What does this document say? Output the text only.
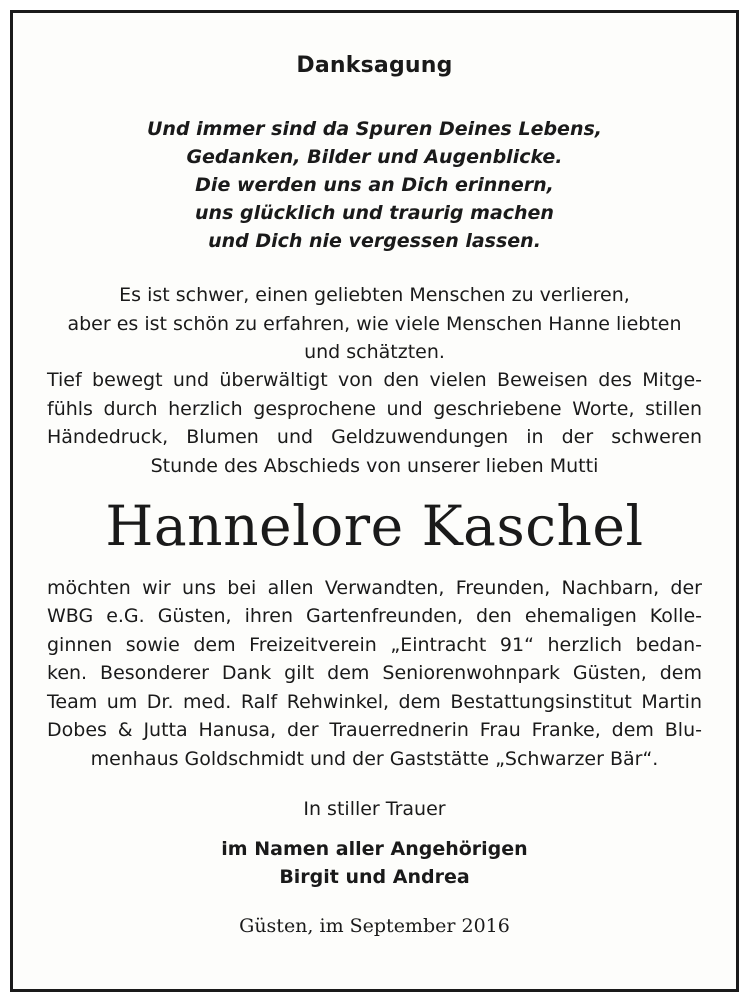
Danksagung
Und immer sind da Spuren Deines Lebens,
Gedanken, Bilder und Augenblicke.
Die werden uns an Dich erinnern,
uns glücklich und traurig machen
und Dich nie vergessen lassen.
Es ist schwer, einen geliebten Menschen zu verlieren,
aber es ist schön zu erfahren, wie viele Menschen Hanne liebten
und schätzten.
Tief bewegt und überwältigt von den vielen Beweisen des Mitge-
fühls durch herzlich gesprochene und geschriebene Worte, stillen
Händedruck, Blumen und Geldzuwendungen in der schweren
Stunde des Abschieds von unserer lieben Mutti
Hannelore Kaschel
möchten wir uns bei allen Verwandten, Freunden, Nachbarn, der
WBG e.G. Güsten, ihren Gartenfreunden, den ehemaligen Kolle-
ginnen sowie dem Freizeitverein „Eintracht 91“ herzlich bedan-
ken. Besonderer Dank gilt dem Seniorenwohnpark Güsten, dem
Team um Dr. med. Ralf Rehwinkel, dem Bestattungsinstitut Martin
Dobes & Jutta Hanusa, der Trauerrednerin Frau Franke, dem Blu-
menhaus Goldschmidt und der Gaststätte „Schwarzer Bär“.
In stiller Trauer
im Namen aller Angehörigen
Birgit und Andrea
Güsten, im September 2016
